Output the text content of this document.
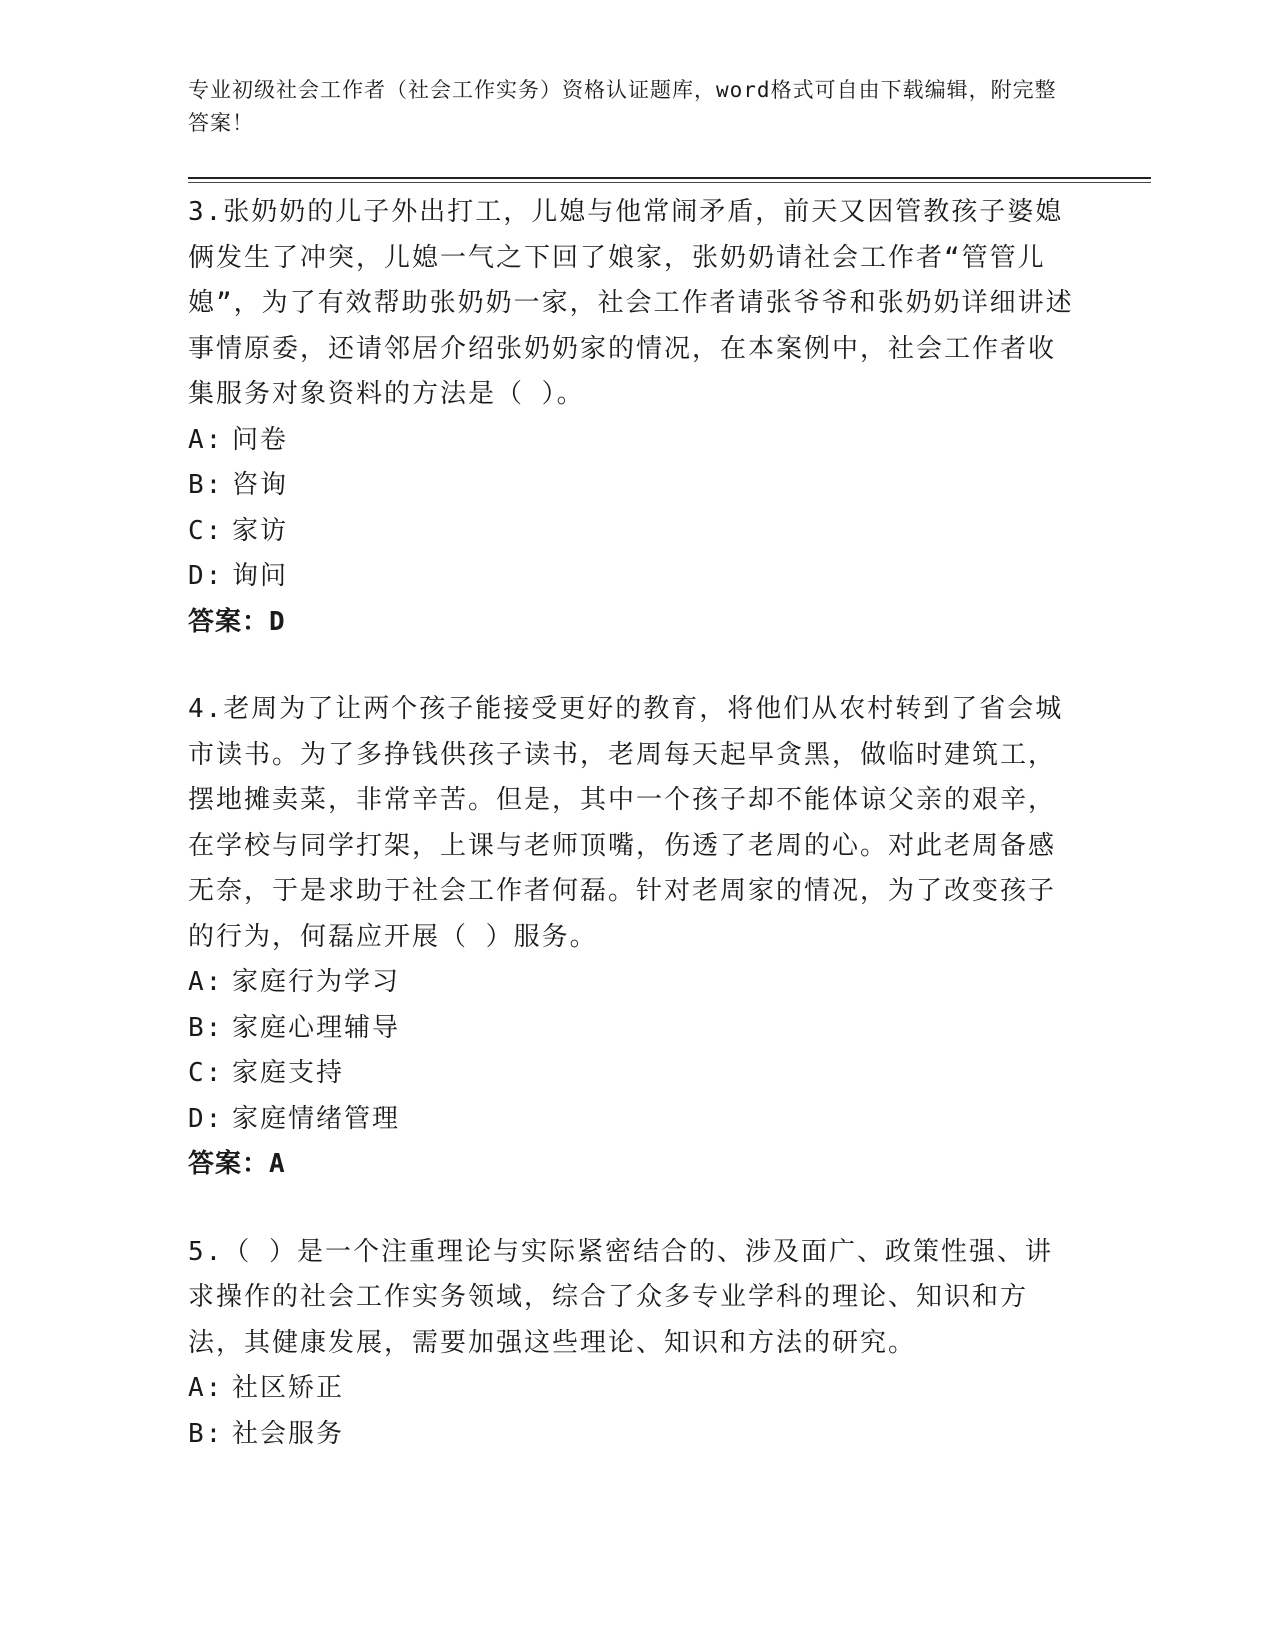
专业初级社会工作者（社会工作实务）资格认证题库，word格式可自由下载编辑，附完整答案！

3.张奶奶的儿子外出打工，儿媳与他常闹矛盾，前天又因管教孩子婆媳俩发生了冲突，儿媳一气之下回了娘家，张奶奶请社会工作者“管管儿媳”，为了有效帮助张奶奶一家，社会工作者请张爷爷和张奶奶详细讲述事情原委，还请邻居介绍张奶奶家的情况，在本案例中，社会工作者收集服务对象资料的方法是（ ）。

A: 问卷

B: 咨询

C: 家访

D: 询问

答案：D

4.老周为了让两个孩子能接受更好的教育，将他们从农村转到了省会城市读书。为了多挣钱供孩子读书，老周每天起早贪黑，做临时建筑工，摆地摊卖菜，非常辛苦。但是，其中一个孩子却不能体谅父亲的艰辛，在学校与同学打架，上课与老师顶嘴，伤透了老周的心。对此老周备感无奈，于是求助于社会工作者何磊。针对老周家的情况，为了改变孩子的行为，何磊应开展（ ）服务。

A: 家庭行为学习

B: 家庭心理辅导

C: 家庭支持

D: 家庭情绪管理

答案：A

5.（ ）是一个注重理论与实际紧密结合的、涉及面广、政策性强、讲求操作的社会工作实务领域，综合了众多专业学科的理论、知识和方法，其健康发展，需要加强这些理论、知识和方法的研究。

A: 社区矫正

B: 社会服务
